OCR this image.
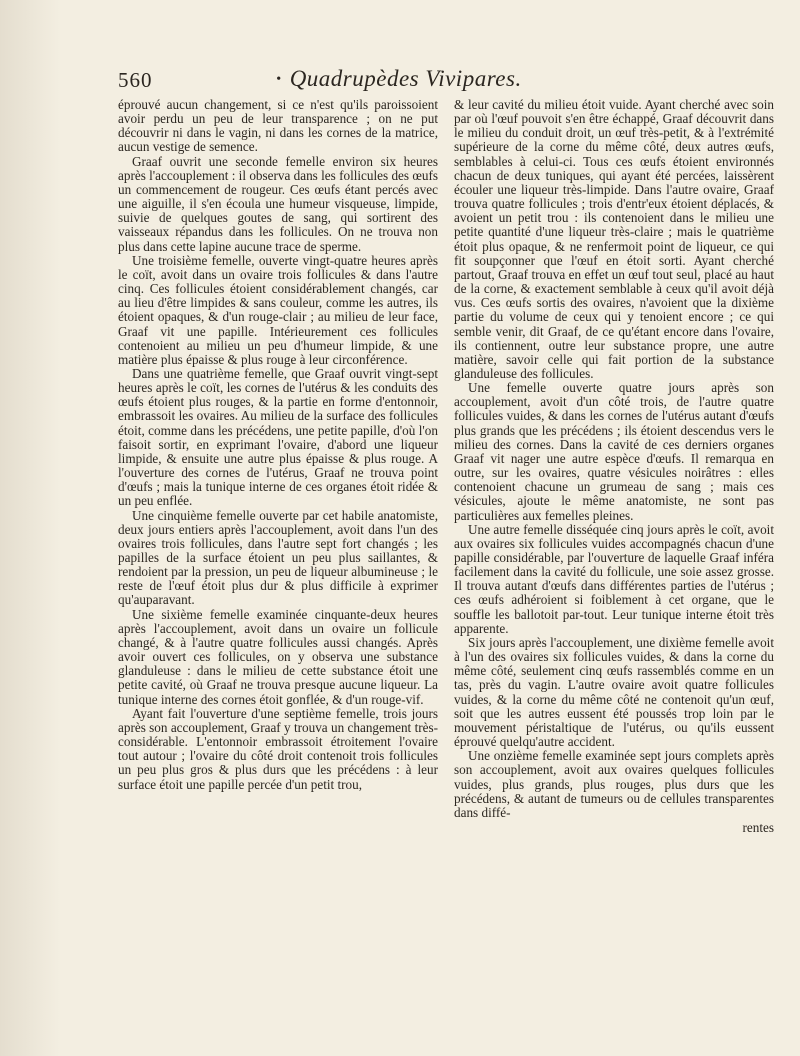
560	• Quadrupèdes Vivipares.

éprouvé aucun changement, si ce n'est qu'ils paroissoient avoir perdu un peu de leur transparence ; on ne put découvrir ni dans le vagin, ni dans les cornes de la matrice, aucun vestige de semence.

Graaf ouvrit une seconde femelle environ six heures après l'accouplement : il observa dans les follicules des œufs un commencement de rougeur. Ces œufs étant percés avec une aiguille, il s'en écoula une humeur visqueuse, limpide, suivie de quelques goutes de sang, qui sortirent des vaisseaux répandus dans les follicules. On ne trouva non plus dans cette lapine aucune trace de sperme.

Une troisième femelle, ouverte vingt-quatre heures après le coït, avoit dans un ovaire trois follicules & dans l'autre cinq. Ces follicules étoient considérablement changés, car au lieu d'être limpides & sans couleur, comme les autres, ils étoient opaques, & d'un rouge-clair ; au milieu de leur face, Graaf vit une papille. Intérieurement ces follicules contenoient au milieu un peu d'humeur limpide, & une matière plus épaisse & plus rouge à leur circonférence.

Dans une quatrième femelle, que Graaf ouvrit vingt-sept heures après le coït, les cornes de l'utérus & les conduits des œufs étoient plus rouges, & la partie en forme d'entonnoir, embrassoit les ovaires. Au milieu de la surface des follicules étoit, comme dans les précédens, une petite papille, d'où l'on faisoit sortir, en exprimant l'ovaire, d'abord une liqueur limpide, & ensuite une autre plus épaisse & plus rouge. A l'ouverture des cornes de l'utérus, Graaf ne trouva point d'œufs ; mais la tunique interne de ces organes étoit ridée & un peu enflée.

Une cinquième femelle ouverte par cet habile anatomiste, deux jours entiers après l'accouplement, avoit dans l'un des ovaires trois follicules, dans l'autre sept fort changés ; les papilles de la surface étoient un peu plus saillantes, & rendoient par la pression, un peu de liqueur albumineuse ; le reste de l'œuf étoit plus dur & plus difficile à exprimer qu'auparavant.

Une sixième femelle examinée cinquante-deux heures après l'accouplement, avoit dans un ovaire un follicule changé, & à l'autre quatre follicules aussi changés. Après avoir ouvert ces follicules, on y observa une substance glanduleuse : dans le milieu de cette substance étoit une petite cavité, où Graaf ne trouva presque aucune liqueur. La tunique interne des cornes étoit gonflée, & d'un rouge-vif.

Ayant fait l'ouverture d'une septième femelle, trois jours après son accouplement, Graaf y trouva un changement très-considérable. L'entonnoir embrassoit étroitement l'ovaire tout autour ; l'ovaire du côté droit contenoit trois follicules un peu plus gros & plus durs que les précédens : à leur surface étoit une papille percée d'un petit trou,

& leur cavité du milieu étoit vuide. Ayant cherché avec soin par où l'œuf pouvoit s'en être échappé, Graaf découvrit dans le milieu du conduit droit, un œuf très-petit, & à l'extrémité supérieure de la corne du même côté, deux autres œufs, semblables à celui-ci. Tous ces œufs étoient environnés chacun de deux tuniques, qui ayant été percées, laissèrent écouler une liqueur très-limpide. Dans l'autre ovaire, Graaf trouva quatre follicules ; trois d'entr'eux étoient déplacés, & avoient un petit trou : ils contenoient dans le milieu une petite quantité d'une liqueur très-claire ; mais le quatrième étoit plus opaque, & ne renfermoit point de liqueur, ce qui fit soupçonner que l'œuf en étoit sorti. Ayant cherché partout, Graaf trouva en effet un œuf tout seul, placé au haut de la corne, & exactement semblable à ceux qu'il avoit déjà vus. Ces œufs sortis des ovaires, n'avoient que la dixième partie du volume de ceux qui y tenoient encore ; ce qui semble venir, dit Graaf, de ce qu'étant encore dans l'ovaire, ils contiennent, outre leur substance propre, une autre matière, savoir celle qui fait portion de la substance glanduleuse des follicules.

Une femelle ouverte quatre jours après son accouplement, avoit d'un côté trois, de l'autre quatre follicules vuides, & dans les cornes de l'utérus autant d'œufs plus grands que les précédens ; ils étoient descendus vers le milieu des cornes. Dans la cavité de ces derniers organes Graaf vit nager une autre espèce d'œufs. Il remarqua en outre, sur les ovaires, quatre vésicules noirâtres : elles contenoient chacune un grumeau de sang ; mais ces vésicules, ajoute le même anatomiste, ne sont pas particulières aux femelles pleines.

Une autre femelle disséquée cinq jours après le coït, avoit aux ovaires six follicules vuides accompagnés chacun d'une papille considérable, par l'ouverture de laquelle Graaf inféra facilement dans la cavité du follicule, une soie assez grosse. Il trouva autant d'œufs dans différentes parties de l'utérus ; ces œufs adhéroient si foiblement à cet organe, que le souffle les ballotoit par-tout. Leur tunique interne étoit très apparente.

Six jours après l'accouplement, une dixième femelle avoit à l'un des ovaires six follicules vuides, & dans la corne du même côté, seulement cinq œufs rassemblés comme en un tas, près du vagin. L'autre ovaire avoit quatre follicules vuides, & la corne du même côté ne contenoit qu'un œuf, soit que les autres eussent été poussés trop loin par le mouvement péristaltique de l'utérus, ou qu'ils eussent éprouvé quelqu'autre accident.

Une onzième femelle examinée sept jours complets après son accouplement, avoit aux ovaires quelques follicules vuides, plus grands, plus rouges, plus durs que les précédens, & autant de tumeurs ou de cellules transparentes dans diffé-

rentes
